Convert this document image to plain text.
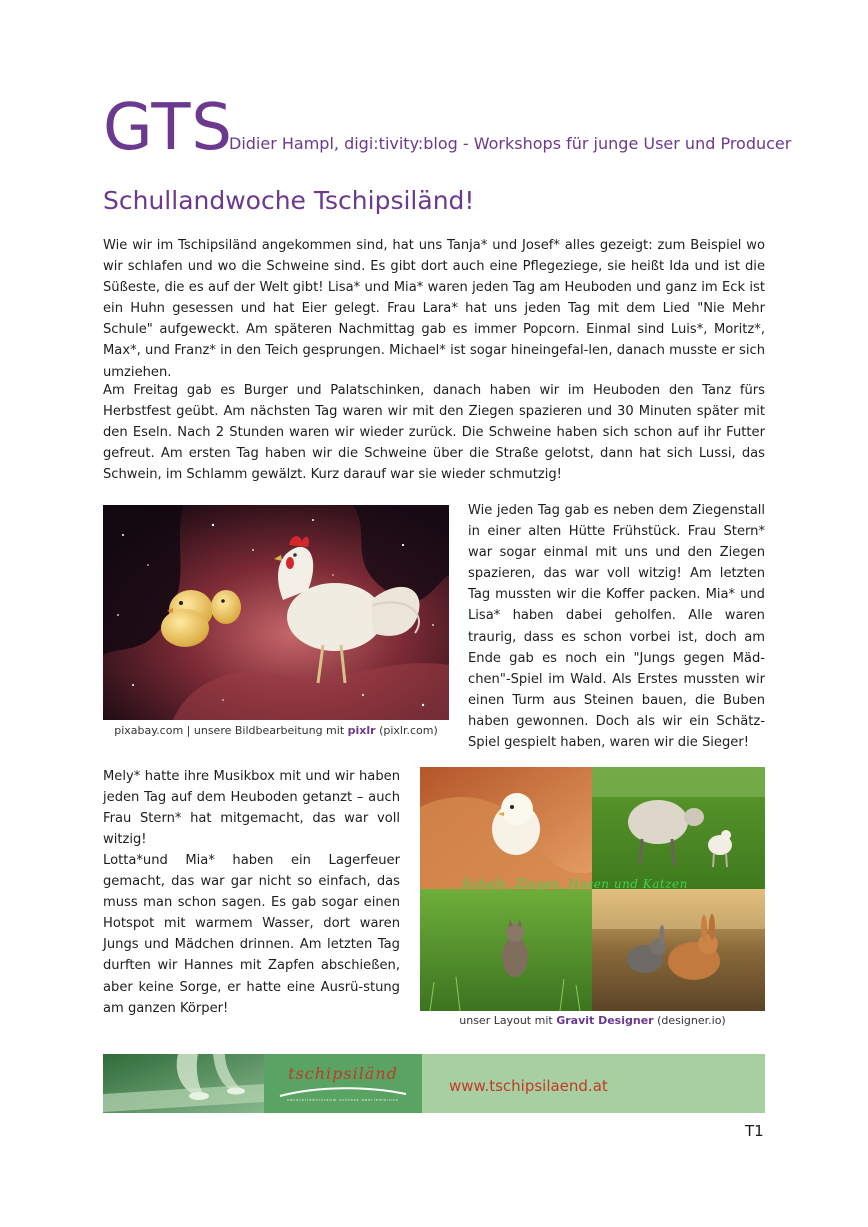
GTS
Didier Hampl, digi:tivity:blog - Workshops für junge User und Producer
Schullandwoche Tschipsiländ!
Wie wir im Tschipsiländ angekommen sind, hat uns Tanja* und Josef* alles gezeigt: zum Beispiel wo wir schlafen und wo die Schweine sind. Es gibt dort auch eine Pflegeziege, sie heißt Ida und ist die Süßeste, die es auf der Welt gibt! Lisa* und Mia* waren jeden Tag am Heuboden und ganz im Eck ist ein Huhn gesessen und hat Eier gelegt. Frau Lara* hat uns jeden Tag mit dem Lied "Nie Mehr Schule" aufgeweckt. Am späteren Nachmittag gab es immer Popcorn. Einmal sind Luis*, Moritz*, Max*, und Franz* in den Teich gesprungen. Michael* ist sogar hineingefal-len, danach musste er sich umziehen.
Am Freitag gab es Burger und Palatschinken, danach haben wir im Heuboden den Tanz fürs Herbstfest geübt. Am nächsten Tag waren wir mit den Ziegen spazieren und 30 Minuten später mit den Eseln. Nach 2 Stunden waren wir wieder zurück. Die Schweine haben sich schon auf ihr Futter gefreut. Am ersten Tag haben wir die Schweine über die Straße gelotst, dann hat sich Lussi, das Schwein, im Schlamm gewälzt. Kurz darauf war sie wieder schmutzig!
pixabay.com | unsere Bildbearbeitung mit pixlr (pixlr.com)
Wie jeden Tag gab es neben dem Ziegenstall in einer alten Hütte Frühstück. Frau Stern* war sogar einmal mit uns und den Ziegen spazieren, das war voll witzig! Am letzten Tag mussten wir die Koffer packen. Mia* und Lisa* haben dabei geholfen. Alle waren traurig, dass es schon vorbei ist, doch am Ende gab es noch ein "Jungs gegen Mäd-chen"-Spiel im Wald. Als Erstes mussten wir einen Turm aus Steinen bauen, die Buben haben gewonnen. Doch als wir ein Schätz-Spiel gespielt haben, waren wir die Sieger!
Mely* hatte ihre Musikbox mit und wir haben jeden Tag auf dem Heuboden getanzt – auch Frau Stern* hat mitgemacht, das war voll witzig!
Lotta*und Mia* haben ein Lagerfeuer gemacht, das war gar nicht so einfach, das muss man schon sagen. Es gab sogar einen Hotspot mit warmem Wasser, dort waren Jungs und Mädchen drinnen. Am letzten Tag durften wir Hannes mit Zapfen abschießen, aber keine Sorge, er hatte eine Ausrü-stung am ganzen Körper!
Schafe, Ziegen, Hasen und Katzen
unser Layout mit Gravit Designer (designer.io)
tschipsiländ
naturerlebnisraum schloss oberlembrunn
www.tschipsilaend.at
T1
